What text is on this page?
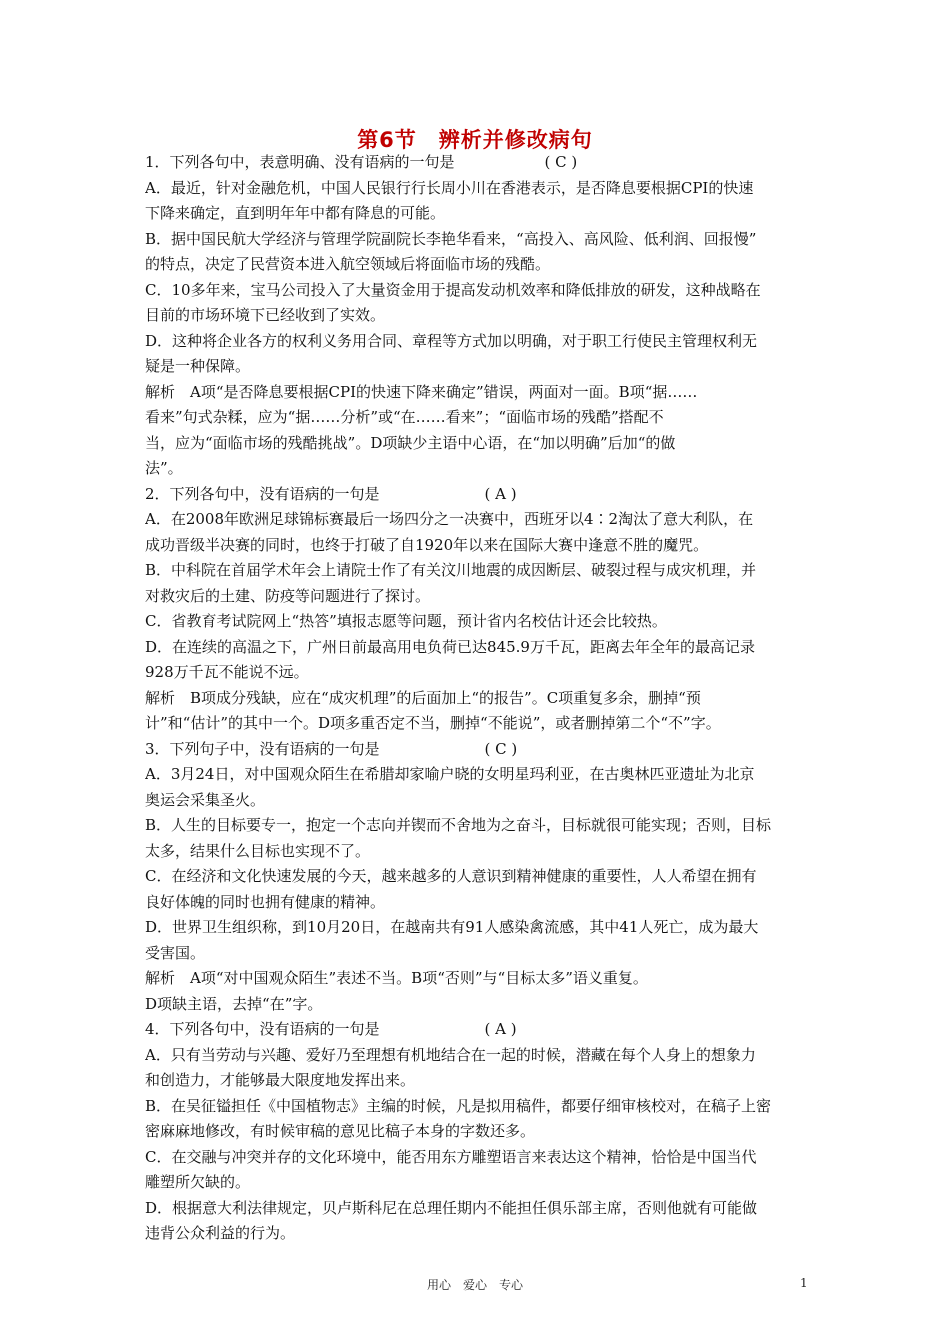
第6节　辨析并修改病句
1．下列各句中，表意明确、没有语病的一句是　　　　　　( C )
A．最近，针对金融危机，中国人民银行行长周小川在香港表示，是否降息要根据CPI的快速
下降来确定，直到明年年中都有降息的可能。
B．据中国民航大学经济与管理学院副院长李艳华看来，“高投入、高风险、低利润、回报慢”
的特点，决定了民营资本进入航空领域后将面临市场的残酷。
C．10多年来，宝马公司投入了大量资金用于提高发动机效率和降低排放的研发，这种战略在
目前的市场环境下已经收到了实效。
D．这种将企业各方的权利义务用合同、章程等方式加以明确，对于职工行使民主管理权利无
疑是一种保障。
解析　A项“是否降息要根据CPI的快速下降来确定”错误，两面对一面。B项“据……
看来”句式杂糅，应为“据……分析”或“在……看来”；“面临市场的残酷”搭配不
当，应为“面临市场的残酷挑战”。D项缺少主语中心语，在“加以明确”后加“的做
法”。
2．下列各句中，没有语病的一句是　　　　　　　( A )
A．在2008年欧洲足球锦标赛最后一场四分之一决赛中，西班牙以4∶2淘汰了意大利队，在
成功晋级半决赛的同时，也终于打破了自1920年以来在国际大赛中逢意不胜的魔咒。
B．中科院在首届学术年会上请院士作了有关汶川地震的成因断层、破裂过程与成灾机理，并
对救灾后的土建、防疫等问题进行了探讨。
C．省教育考试院网上“热答”填报志愿等问题，预计省内名校估计还会比较热。
D．在连续的高温之下，广州日前最高用电负荷已达845.9万千瓦，距离去年全年的最高记录
928万千瓦不能说不远。
解析　B项成分残缺，应在“成灾机理”的后面加上“的报告”。C项重复多余，删掉“预
计”和“估计”的其中一个。D项多重否定不当，删掉“不能说”，或者删掉第二个“不”字。
3．下列句子中，没有语病的一句是　　　　　　　( C )
A．3月24日，对中国观众陌生在希腊却家喻户晓的女明星玛利亚，在古奥林匹亚遗址为北京
奥运会采集圣火。
B．人生的目标要专一，抱定一个志向并锲而不舍地为之奋斗，目标就很可能实现；否则，目标
太多，结果什么目标也实现不了。
C．在经济和文化快速发展的今天，越来越多的人意识到精神健康的重要性，人人希望在拥有
良好体魄的同时也拥有健康的精神。
D．世界卫生组织称，到10月20日，在越南共有91人感染禽流感，其中41人死亡，成为最大
受害国。
解析　A项“对中国观众陌生”表述不当。B项“否则”与“目标太多”语义重复。
D项缺主语，去掉“在”字。
4．下列各句中，没有语病的一句是　　　　　　　( A )
A．只有当劳动与兴趣、爱好乃至理想有机地结合在一起的时候，潜藏在每个人身上的想象力
和创造力，才能够最大限度地发挥出来。
B．在吴征镒担任《中国植物志》主编的时候，凡是拟用稿件，都要仔细审核校对，在稿子上密
密麻麻地修改，有时候审稿的意见比稿子本身的字数还多。
C．在交融与冲突并存的文化环境中，能否用东方雕塑语言来表达这个精神，恰恰是中国当代
雕塑所欠缺的。
D．根据意大利法律规定，贝卢斯科尼在总理任期内不能担任俱乐部主席，否则他就有可能做
违背公众利益的行为。
用心　爱心　专心	1
